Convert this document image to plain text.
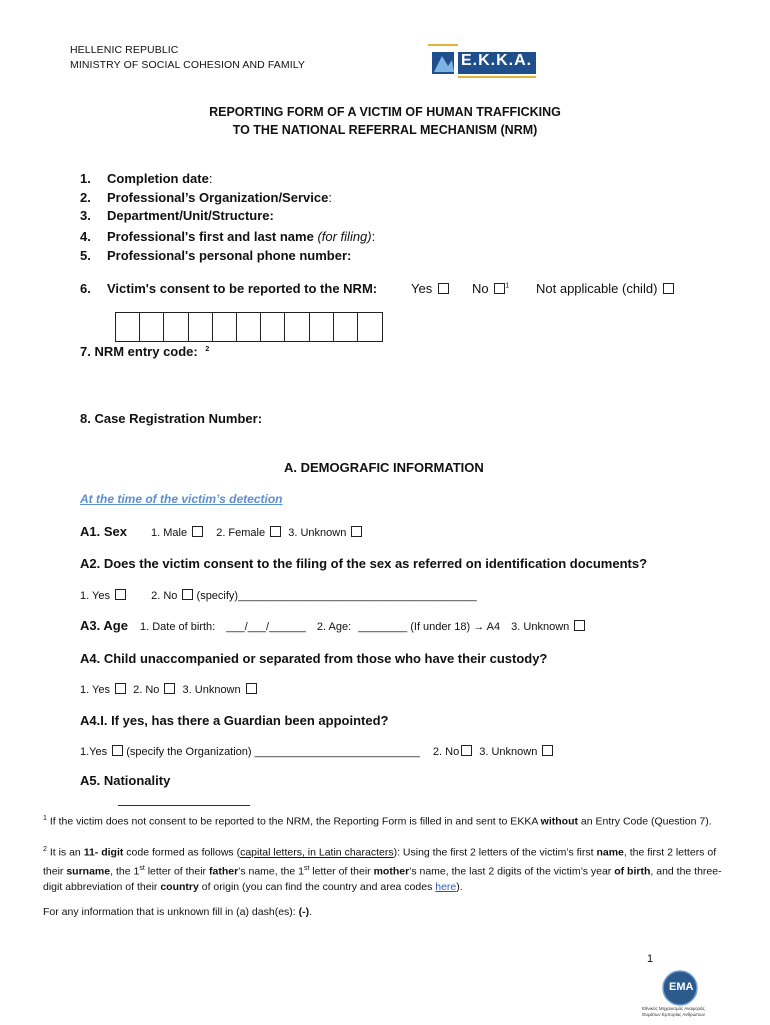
HELLENIC REPUBLIC
MINISTRY OF SOCIAL COHESION AND FAMILY	E.K.K.A.
REPORTING FORM OF A VICTIM OF HUMAN TRAFFICKING
TO THE NATIONAL REFERRAL MECHANISM (NRM)
1. Completion date:
2. Professional’s Organization/Service:
3. Department/Unit/Structure:
4. Professional's first and last name (for filing):
5. Professional's personal phone number:
6. Victim's consent to be reported to the NRM:	Yes	No $^1$ Not applicable (child)
7. NRM entry code: $^2$
8. Case Registration Number:
A. DEMOGRAFIC INFORMATION
At the time of the victim’s detection
A1. Sex 1. Male	2. Female 3. Unknown
A2. Does the victim consent to the filing of the sex as referred on identification documents?
1. Yes	2. No (specify)_______________________________________
A3. Age 1. Date of birth: ___/___/______ 2. Age: ________ (If under 18) → A4 3. Unknown
A4. Child unaccompanied or separated from those who have their custody?
1. Yes 2. No 3. Unknown
A4.I. If yes, has there a Guardian been appointed?
1.Yes (specify the Organization) ___________________________ 2. No 3. Unknown
A5. Nationality
$^1$ If the victim does not consent to be reported to the NRM, the Reporting Form is filled in and sent to EKKA without an Entry Code (Question 7).
$^2$ It is an 11- digit code formed as follows (capital letters, in Latin characters): Using the first 2 letters of the victim’s first name, the first 2 letters of their surname, the 1st letter of their father’s name, the 1st letter of their mother’s name, the last 2 digits of the victim’s year of birth, and the three-digit abbreviation of their country of origin (you can find the country and area codes here).
For any information that is unknown fill in (a) dash(es): (-).
1
EMA
Εθνικός Μηχανισμός Αναφοράς
Θυμάτων Εμπορίας Ανθρώπων
